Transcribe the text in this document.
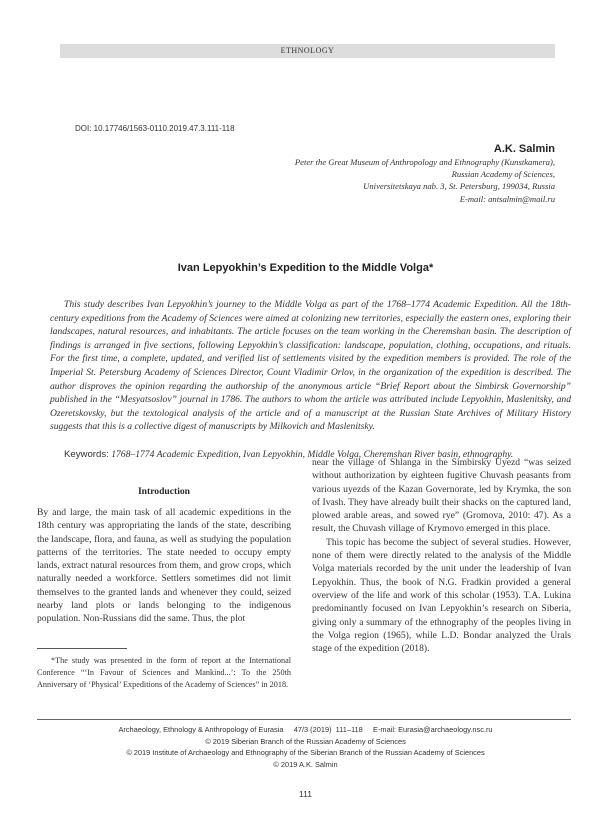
ETHNOLOGY
DOI: 10.17746/1563-0110.2019.47.3.111-118
A.K. Salmin
Peter the Great Museum of Anthropology and Ethnography (Kunstkamera),
Russian Academy of Sciences,
Universitetskaya nab. 3, St. Petersburg, 199034, Russia
E-mail: antsalmin@mail.ru
Ivan Lepyokhin’s Expedition to the Middle Volga*
This study describes Ivan Lepyokhin’s journey to the Middle Volga as part of the 1768–1774 Academic Expedition. All the 18th-century expeditions from the Academy of Sciences were aimed at colonizing new territories, especially the eastern ones, exploring their landscapes, natural resources, and inhabitants. The article focuses on the team working in the Cheremshan basin. The description of findings is arranged in five sections, following Lepyokhin’s classification: landscape, population, clothing, occupations, and rituals. For the first time, a complete, updated, and verified list of settlements visited by the expedition members is provided. The role of the Imperial St. Petersburg Academy of Sciences Director, Count Vladimir Orlov, in the organization of the expedition is described. The author disproves the opinion regarding the authorship of the anonymous article “Brief Report about the Simbirsk Governorship” published in the “Mesyatsoslov” journal in 1786. The authors to whom the article was attributed include Lepyokhin, Maslenitsky, and Ozeretskovsky, but the textological analysis of the article and of a manuscript at the Russian State Archives of Military History suggests that this is a collective digest of manuscripts by Milkovich and Maslenitsky.
Keywords: 1768–1774 Academic Expedition, Ivan Lepyokhin, Middle Volga, Cheremshan River basin, ethnography.
Introduction
By and large, the main task of all academic expeditions in the 18th century was appropriating the lands of the state, describing the landscape, flora, and fauna, as well as studying the population patterns of the territories. The state needed to occupy empty lands, extract natural resources from them, and grow crops, which naturally needed a workforce. Settlers sometimes did not limit themselves to the granted lands and whenever they could, seized nearby land plots or lands belonging to the indigenous population. Non-Russians did the same. Thus, the plot

near the village of Shlanga in the Simbirsky Uyezd “was seized without authorization by eighteen fugitive Chuvash peasants from various uyezds of the Kazan Governorate, led by Krymka, the son of Ivash. They have already built their shacks on the captured land, plowed arable areas, and sowed rye” (Gromova, 2010: 47). As a result, the Chuvash village of Krymovo emerged in this place.

This topic has become the subject of several studies. However, none of them were directly related to the analysis of the Middle Volga materials recorded by the unit under the leadership of Ivan Lepyokhin. Thus, the book of N.G. Fradkin provided a general overview of the life and work of this scholar (1953). T.A. Lukina predominantly focused on Ivan Lepyokhin’s research on Siberia, giving only a summary of the ethnography of the peoples living in the Volga region (1965), while L.D. Bondar analyzed the Urals stage of the expedition (2018).

*The study was presented in the form of report at the International Conference “‘In Favour of Sciences and Mankind...’: To the 250th Anniversary of ‘Physical’ Expeditions of the Academy of Sciences” in 2018.
Archaeology, Ethnology & Anthropology of Eurasia     47/3 (2019)  111–118     E-mail: Eurasia@archaeology.nsc.ru
© 2019 Siberian Branch of the Russian Academy of Sciences
© 2019 Institute of Archaeology and Ethnography of the Siberian Branch of the Russian Academy of Sciences
© 2019 A.K. Salmin
111
